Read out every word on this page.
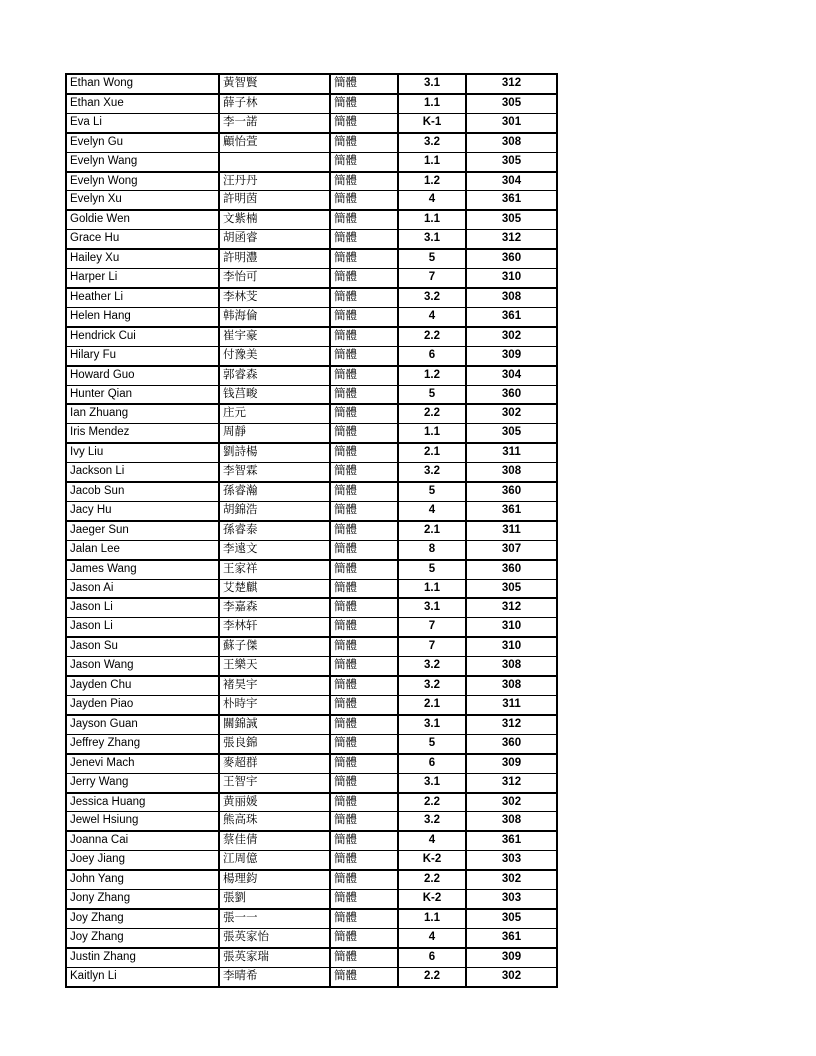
Ethan Wong	黃智賢	簡體	3.1	312
Ethan Xue	薛子林	簡體	1.1	305
Eva Li	李一諾	簡體	K-1	301
Evelyn Gu	顧怡萱	簡體	3.2	308
Evelyn Wang		簡體	1.1	305
Evelyn Wong	汪丹丹	簡體	1.2	304
Evelyn Xu	許明茵	簡體	4	361
Goldie Wen	文紫楠	簡體	1.1	305
Grace Hu	胡函睿	簡體	3.1	312
Hailey Xu	許明灃	簡體	5	360
Harper Li	李怡可	簡體	7	310
Heather Li	李林芠	簡體	3.2	308
Helen Hang	韩海倫	簡體	4	361
Hendrick Cui	崔宇豪	簡體	2.2	302
Hilary Fu	付豫美	簡體	6	309
Howard Guo	郭睿森	簡體	1.2	304
Hunter Qian	钱莒畯	簡體	5	360
Ian Zhuang	庄元	簡體	2.2	302
Iris Mendez	周靜	簡體	1.1	305
Ivy Liu	劉詩楊	簡體	2.1	311
Jackson Li	李智霖	簡體	3.2	308
Jacob Sun	孫睿瀚	簡體	5	360
Jacy Hu	胡錦浩	簡體	4	361
Jaeger Sun	孫睿泰	簡體	2.1	311
Jalan Lee	李遠文	簡體	8	307
James Wang	王家祥	簡體	5	360
Jason Ai	艾楚麒	簡體	1.1	305
Jason Li	李嘉森	簡體	3.1	312
Jason Li	李林轩	簡體	7	310
Jason Su	蘇子傑	簡體	7	310
Jason Wang	王樂天	簡體	3.2	308
Jayden Chu	褚昊宇	簡體	3.2	308
Jayden Piao	朴時宇	簡體	2.1	311
Jayson Guan	關錦誠	簡體	3.1	312
Jeffrey Zhang	張良錦	簡體	5	360
Jenevi Mach	麥超群	簡體	6	309
Jerry Wang	王智宇	簡體	3.1	312
Jessica Huang	黄丽媛	簡體	2.2	302
Jewel Hsiung	熊高珠	簡體	3.2	308
Joanna Cai	蔡佳倩	簡體	4	361
Joey Jiang	江周億	簡體	K-2	303
John Yang	楊理鈞	簡體	2.2	302
Jony Zhang	張劉	簡體	K-2	303
Joy Zhang	張一一	簡體	1.1	305
Joy Zhang	張英家怡	簡體	4	361
Justin Zhang	張英家瑞	簡體	6	309
Kaitlyn Li	李晴希	簡體	2.2	302
